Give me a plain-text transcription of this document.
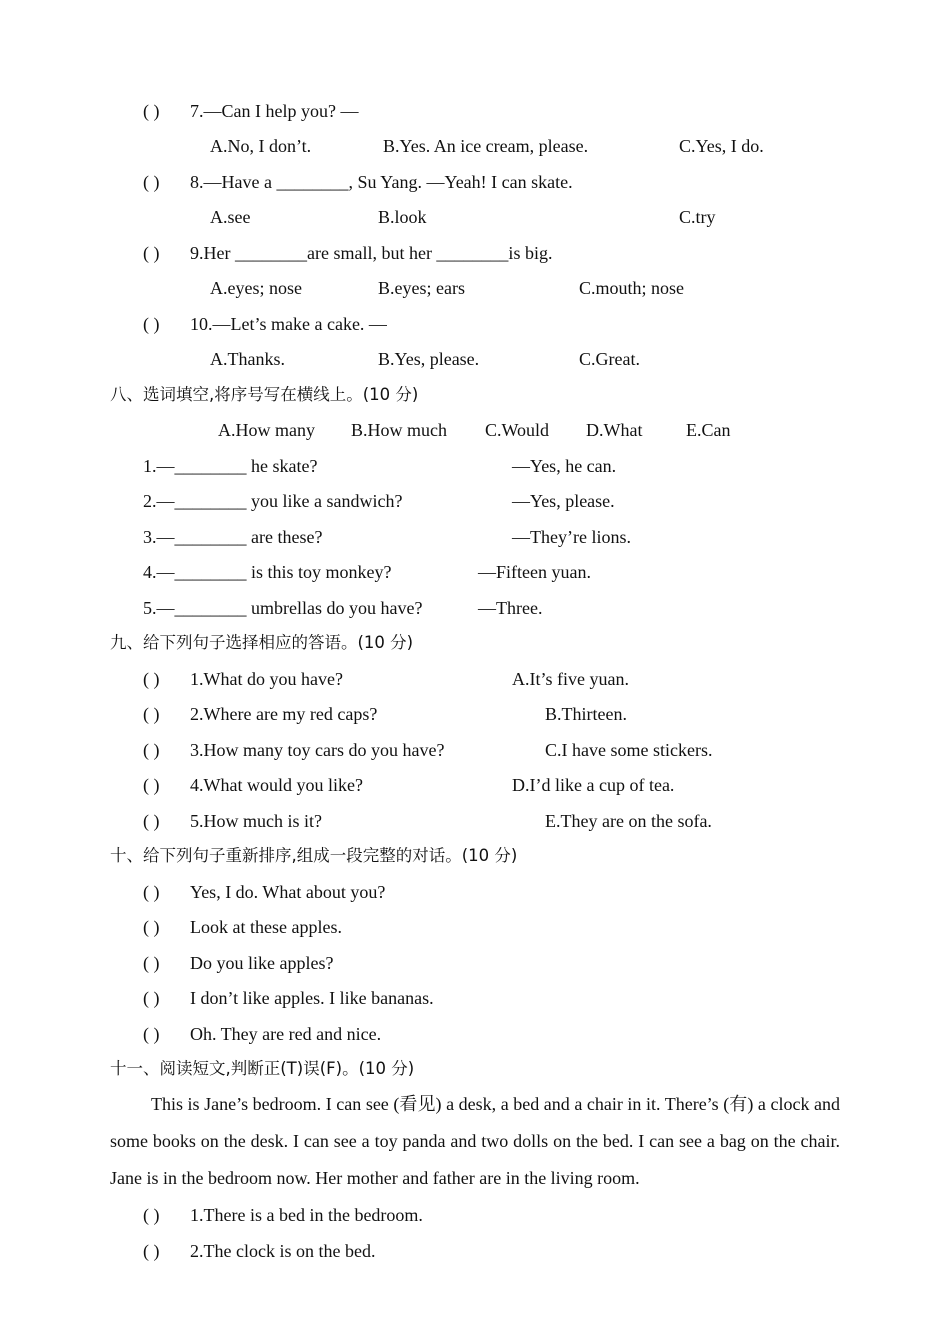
( ) 7.—Can I help you? —
A.No, I don’t.	B.Yes. An ice cream, please.	C.Yes, I do.
( ) 8.—Have a ________, Su Yang. —Yeah! I can skate.
A.see	B.look	C.try
( ) 9.Her ________are small, but her ________is big.
A.eyes; nose	B.eyes; ears	C.mouth; nose
( ) 10.—Let’s make a cake. —
A.Thanks.	B.Yes, please.	C.Great.
八、选词填空,将序号写在横线上。(10 分)
A.How many B.How much C.Would D.What E.Can
1.—________ he skate?	—Yes, he can.
2.—________ you like a sandwich?	—Yes, please.
3.—________ are these?	—They’re lions.
4.—________ is this toy monkey?	—Fifteen yuan.
5.—________ umbrellas do you have?	—Three.
九、给下列句子选择相应的答语。(10 分)
( ) 1.What do you have?	A.It’s five yuan.
( ) 2.Where are my red caps?	B.Thirteen.
( ) 3.How many toy cars do you have?	C.I have some stickers.
( ) 4.What would you like?	D.I’d like a cup of tea.
( ) 5.How much is it?	E.They are on the sofa.
十、给下列句子重新排序,组成一段完整的对话。(10 分)
( ) Yes, I do. What about you?
( ) Look at these apples.
( ) Do you like apples?
( ) I don’t like apples. I like bananas.
( ) Oh. They are red and nice.
十一、阅读短文,判断正(T)误(F)。(10 分)
This is Jane’s bedroom. I can see (看见) a desk, a bed and a chair in it. There’s (有) a clock and some books on the desk. I can see a toy panda and two dolls on the bed. I can see a bag on the chair. Jane is in the bedroom now. Her mother and father are in the living room.
( ) 1.There is a bed in the bedroom.
( ) 2.The clock is on the bed.
